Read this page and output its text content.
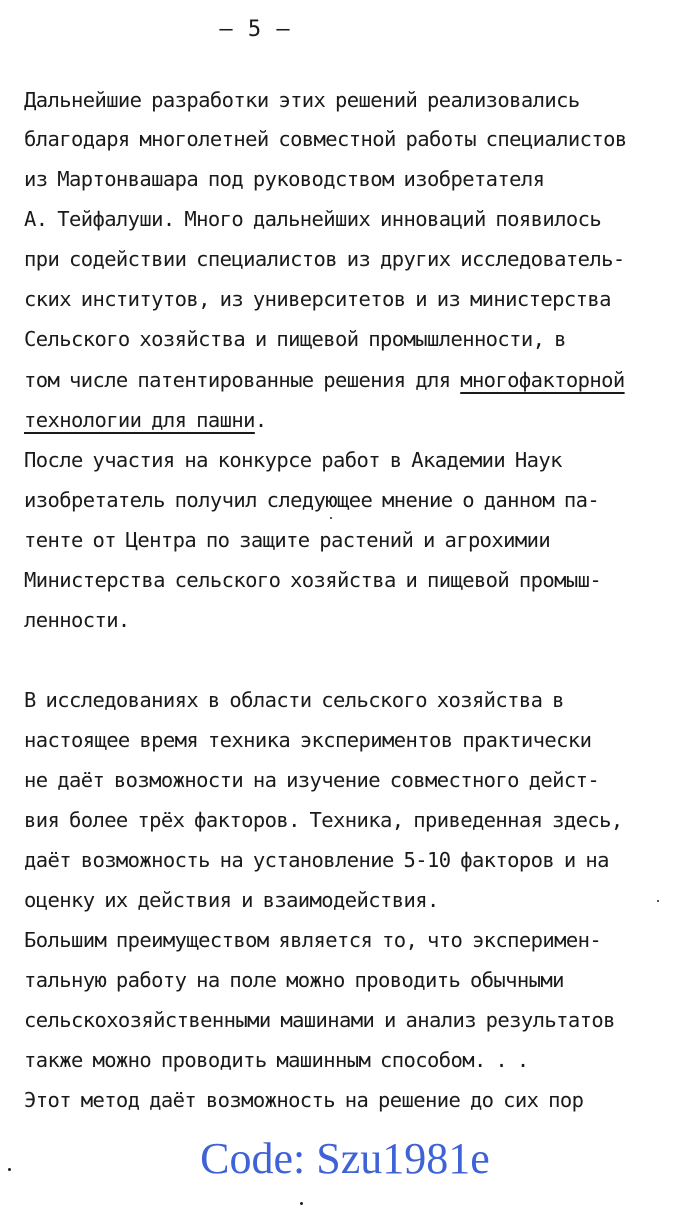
– 5 –
Дальнейшие разработки этих решений реализовались
благодаря многолетней совместной работы специалистов
из Мартонвашара под руководством изобретателя
А. Тейфалуши. Много дальнейших инноваций появилось
при содействии специалистов из других исследователь-
ских институтов, из университетов и из министерства
Сельского хозяйства и пищевой промышленности, в
том числе патентированные решения для многофакторной
технологии для пашни.
После участия на конкурсе работ в Академии Наук
изобретатель получил следующее мнение о данном па-
тенте от Центра по защите растений и агрохимии
Министерства сельского хозяйства и пищевой промыш-
ленности.
В исследованиях в области сельского хозяйства в
настоящее время техника экспериментов практически
не даёт возможности на изучение совместного дейст-
вия более трёх факторов. Техника, приведенная здесь,
даёт возможность на установление 5-10 факторов и на
оценку их действия и взаимодействия.
Большим преимуществом является то, что эксперимен-
тальную работу на поле можно проводить обычными
сельскохозяйственными машинами и анализ результатов
также можно проводить машинным способом. . .
Этот метод даёт возможность на решение до сих пор
Code: Szu1981e
